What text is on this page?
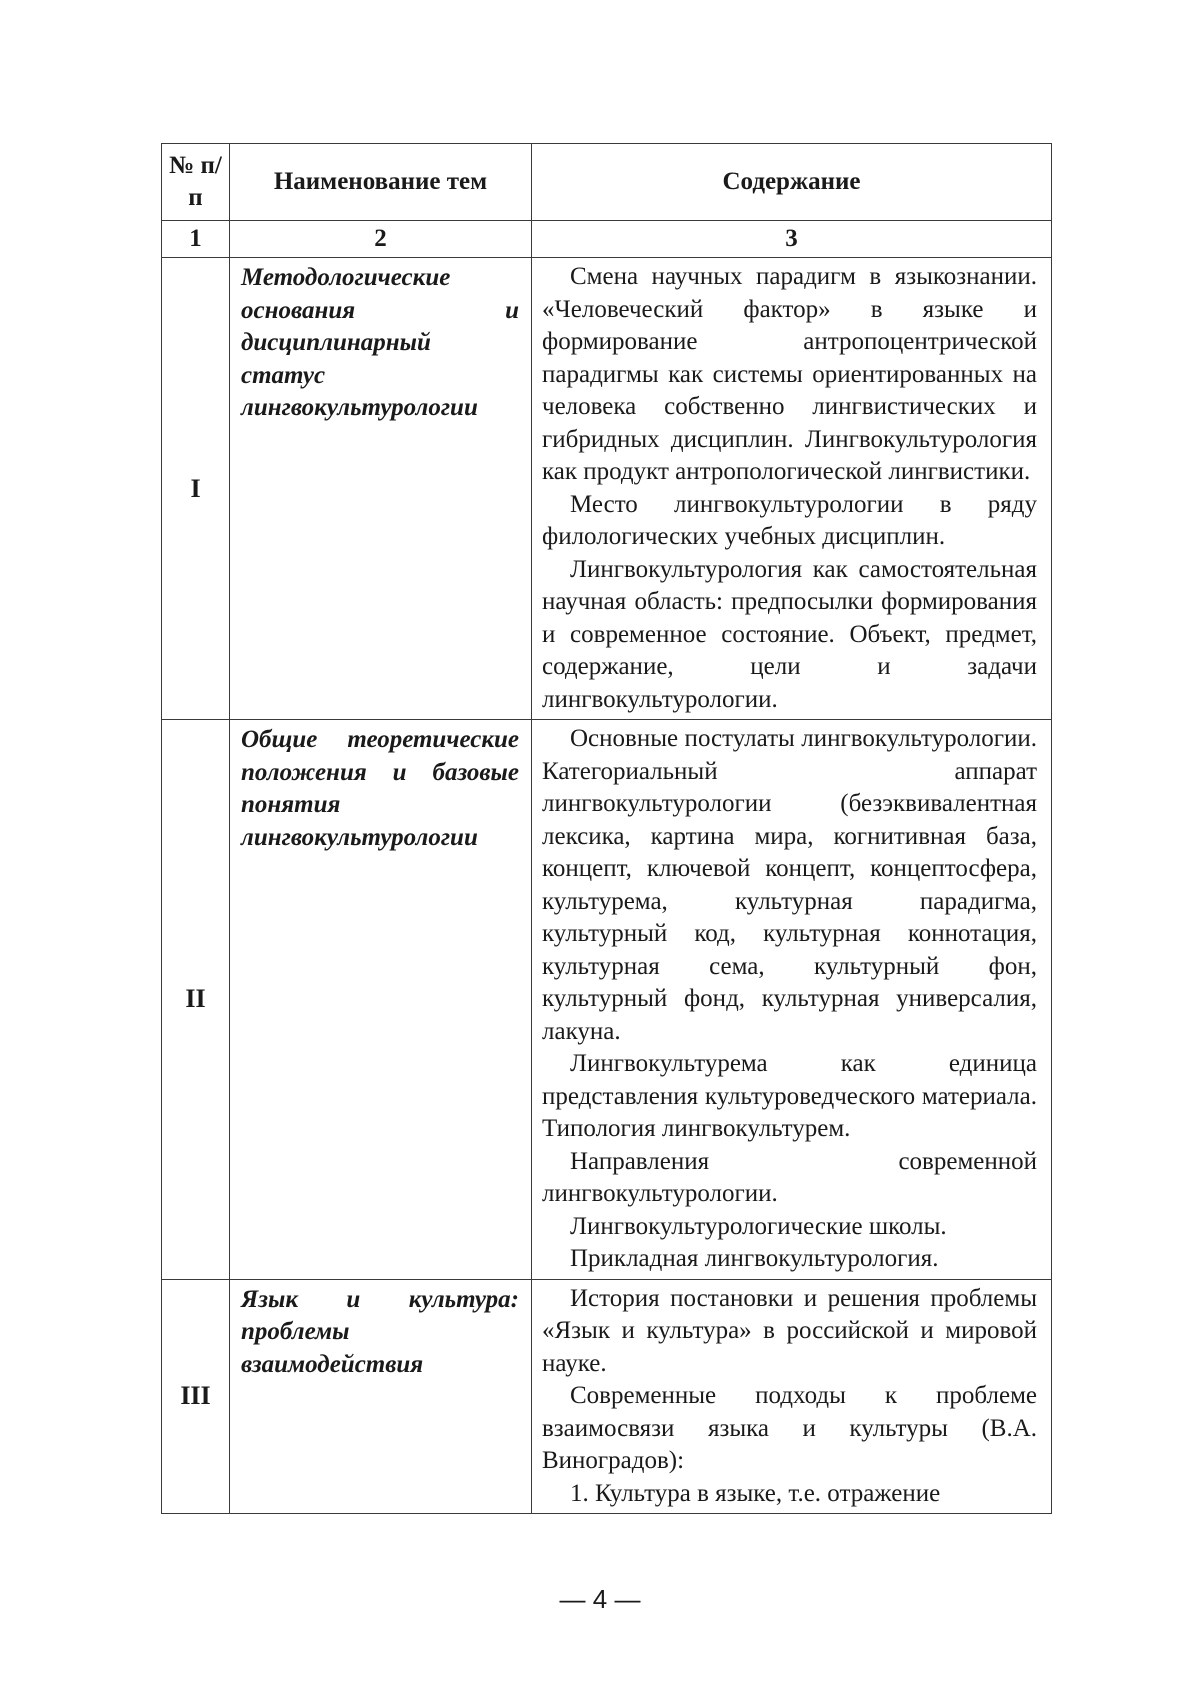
№ п/п	Наименование тем	Содержание
1	2	3
I	Методологические основания и дисциплинарный статус лингвокультурологии	Смена научных парадигм в языкознании. «Человеческий фактор» в языке и формирование антропоцентрической парадигмы как системы ориентированных на человека собственно лингвистических и гибридных дисциплин. Лингвокультурология как продукт антропологической лингвистики.

Место лингвокультурологии в ряду филологических учебных дисциплин.

Лингвокультурология как самостоятельная научная область: предпосылки формирования и современное состояние. Объект, предмет, содержание, цели и задачи лингвокультурологии.

II	Общие теоретические положения и базовые понятия лингвокультурологии	Основные постулаты лингвокультурологии. Категориальный аппарат лингвокультурологии (безэквивалентная лексика, картина мира, когнитивная база, концепт, ключевой концепт, концептосфера, культурема, культурная парадигма, культурный код, культурная коннотация, культурная сема, культурный фон, культурный фонд, культурная универсалия, лакуна.

Лингвокультурема как единица представления культуроведческого материала. Типология лингвокультурем.

Направления современной лингвокультурологии.

Лингвокультурологические школы.

Прикладная лингвокультурология.

III	Язык и культура: проблемы взаимодействия	История постановки и решения проблемы «Язык и культура» в российской и мировой науке.

Современные подходы к проблеме взаимосвязи языка и культуры (В.А. Виноградов):

1. Культура в языке, т.е. отражение

— 4 —
